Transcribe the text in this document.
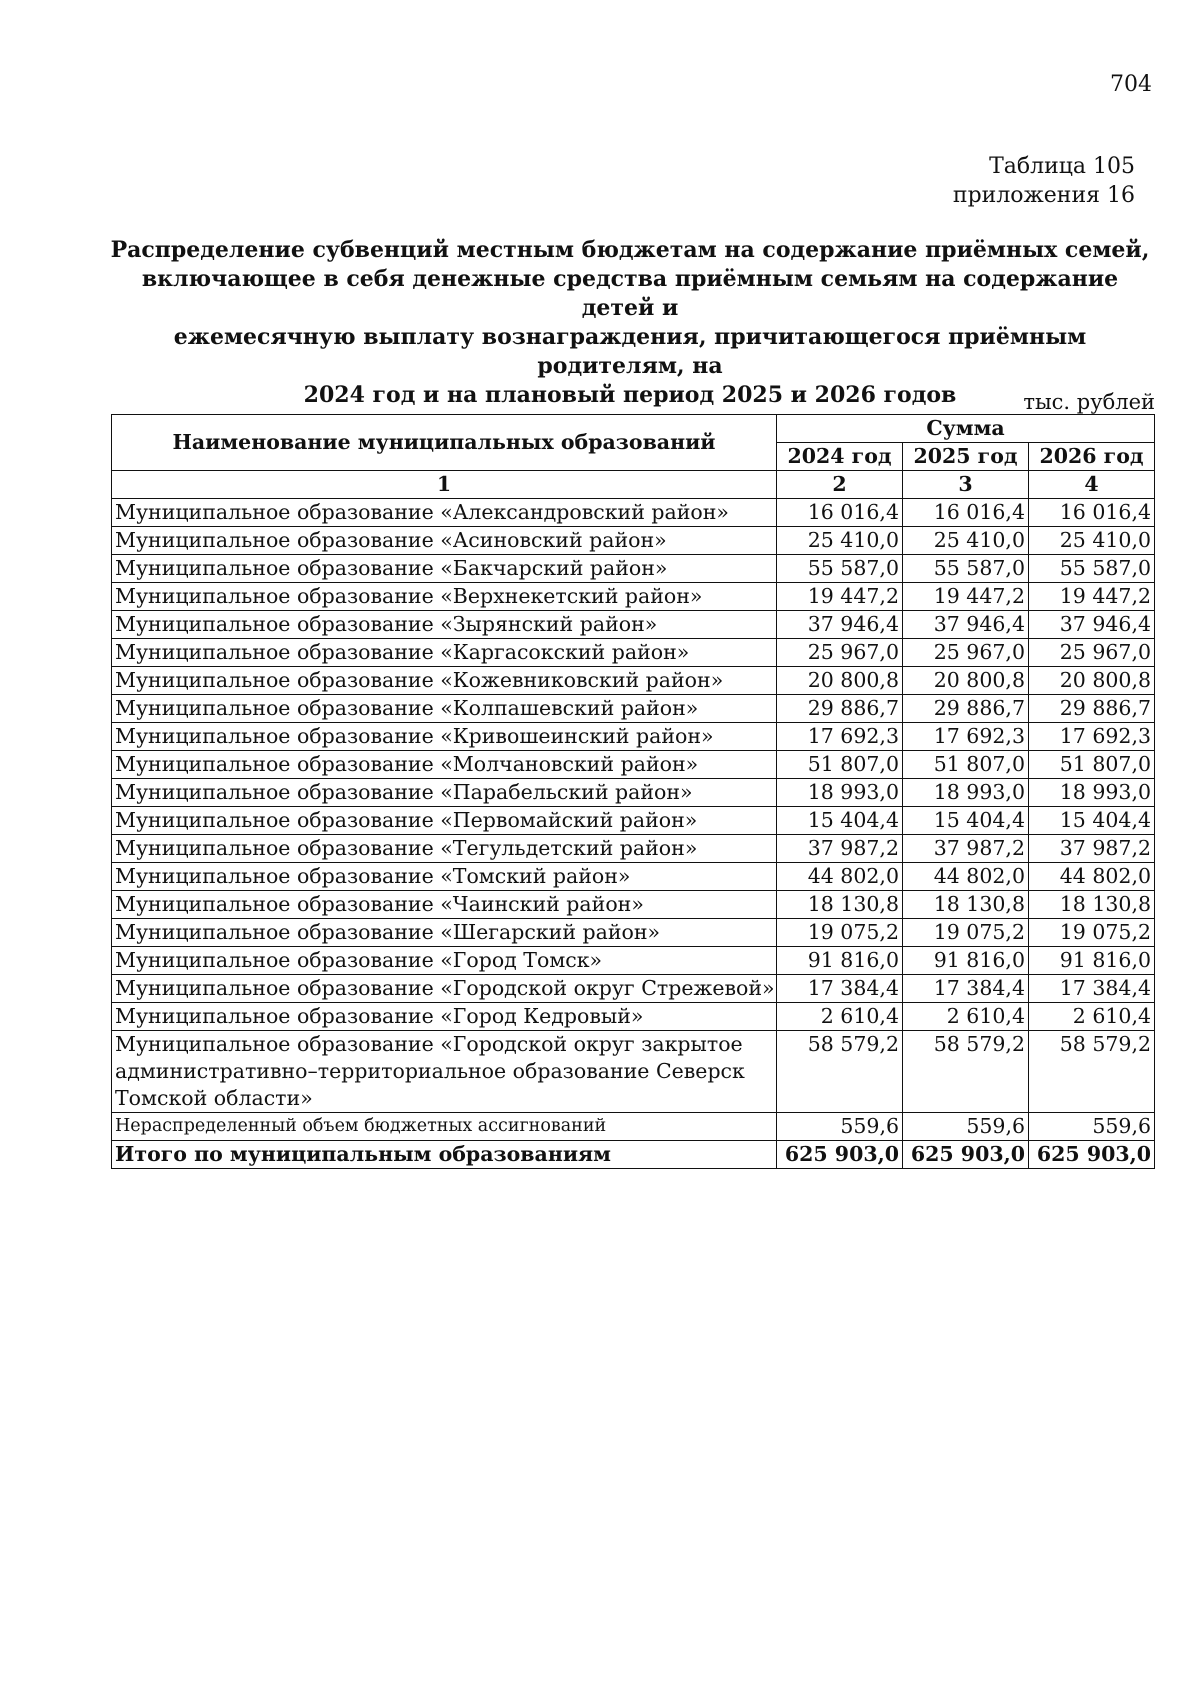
704
Таблица 105
приложения 16
Распределение субвенций местным бюджетам на содержание приёмных семей,
включающее в себя денежные средства приёмным семьям на содержание детей и
ежемесячную выплату вознаграждения, причитающегося приёмным родителям, на
2024 год и на плановый период 2025 и 2026 годов	тыс. рублей
Наименование муниципальных образований	Сумма		
	2024 год	2025 год	2026 год
1	2	3	4
Муниципальное образование «Александровский район»	16 016,4	16 016,4	16 016,4
Муниципальное образование «Асиновский район»	25 410,0	25 410,0	25 410,0
Муниципальное образование «Бакчарский район»	55 587,0	55 587,0	55 587,0
Муниципальное образование «Верхнекетский район»	19 447,2	19 447,2	19 447,2
Муниципальное образование «Зырянский район»	37 946,4	37 946,4	37 946,4
Муниципальное образование «Каргасокский район»	25 967,0	25 967,0	25 967,0
Муниципальное образование «Кожевниковский район»	20 800,8	20 800,8	20 800,8
Муниципальное образование «Колпашевский район»	29 886,7	29 886,7	29 886,7
Муниципальное образование «Кривошеинский район»	17 692,3	17 692,3	17 692,3
Муниципальное образование «Молчановский район»	51 807,0	51 807,0	51 807,0
Муниципальное образование «Парабельский район»	18 993,0	18 993,0	18 993,0
Муниципальное образование «Первомайский район»	15 404,4	15 404,4	15 404,4
Муниципальное образование «Тегульдетский район»	37 987,2	37 987,2	37 987,2
Муниципальное образование «Томский район»	44 802,0	44 802,0	44 802,0
Муниципальное образование «Чаинский район»	18 130,8	18 130,8	18 130,8
Муниципальное образование «Шегарский район»	19 075,2	19 075,2	19 075,2
Муниципальное образование «Город Томск»	91 816,0	91 816,0	91 816,0
Муниципальное образование «Городской округ Стрежевой»	17 384,4	17 384,4	17 384,4
Муниципальное образование «Город Кедровый»	2 610,4	2 610,4	2 610,4
Муниципальное образование «Городской округ закрытое административно–территориальное образование Северск Томской области»	58 579,2	58 579,2	58 579,2
Нераспределенный объем бюджетных ассигнований	559,6	559,6	559,6
Итого по муниципальным образованиям	625 903,0	625 903,0	625 903,0
